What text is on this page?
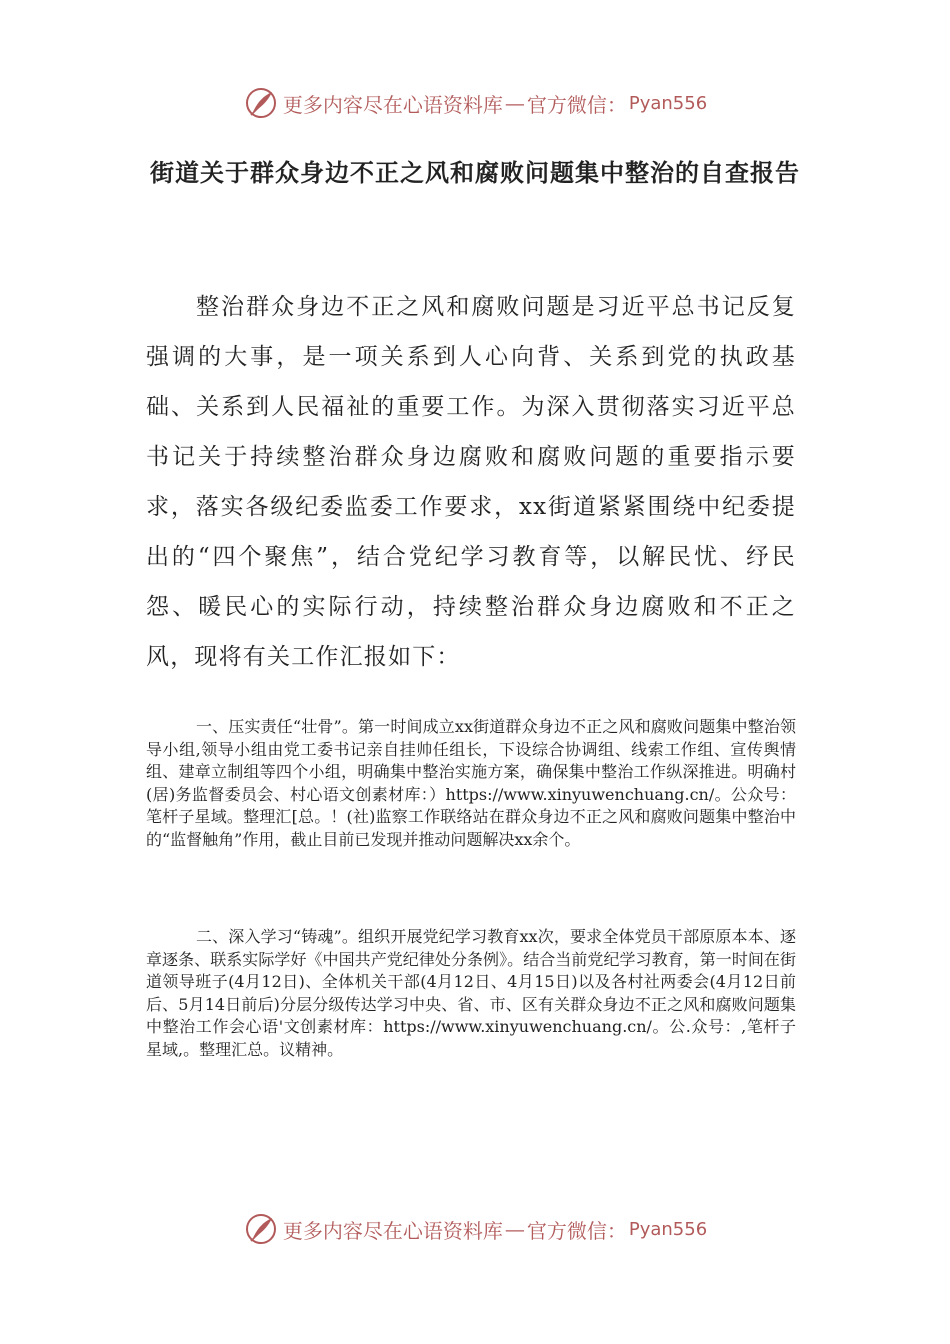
更多内容尽在心语资料库 — 官方微信： Pyan556
街道关于群众身边不正之风和腐败问题集中整治的自查报告

整治群众身边不正之风和腐败问题是习近平总书记反复强调的大事，是一项关系到人心向背、关系到党的执政基础、关系到人民福祉的重要工作。为深入贯彻落实习近平总书记关于持续整治群众身边腐败和腐败问题的重要指示要求，落实各级纪委监委工作要求，xx街道紧紧围绕中纪委提出的“四个聚焦”，结合党纪学习教育等，以解民忧、纾民怨、暖民心的实际行动，持续整治群众身边腐败和不正之风，现将有关工作汇报如下：

一、压实责任“壮骨”。第一时间成立xx街道群众身边不正之风和腐败问题集中整治领导小组,领导小组由党工委书记亲自挂帅任组长，下设综合协调组、线索工作组、宣传舆情组、建章立制组等四个小组，明确集中整治实施方案，确保集中整治工作纵深推进。明确村(居)务监督委员会、村心语文创素材库：）https://www.xinyuwenchuang.cn/。公众号：笔杆子星域。整理汇[总。！(社)监察工作联络站在群众身边不正之风和腐败问题集中整治中的“监督触角”作用，截止目前已发现并推动问题解决xx余个。

二、深入学习“铸魂”。组织开展党纪学习教育xx次，要求全体党员干部原原本本、逐章逐条、联系实际学好《中国共产党纪律处分条例》。结合当前党纪学习教育，第一时间在街道领导班子(4月12日)、全体机关干部(4月12日、4月15日)以及各村社两委会(4月12日前后、5月14日前后)分层分级传达学习中央、省、市、区有关群众身边不正之风和腐败问题集中整治工作会心语'文创素材库：https://www.xinyuwenchuang.cn/。公.众号：,笔杆子星域,。整理汇总。议精神。

更多内容尽在心语资料库 — 官方微信： Pyan556
